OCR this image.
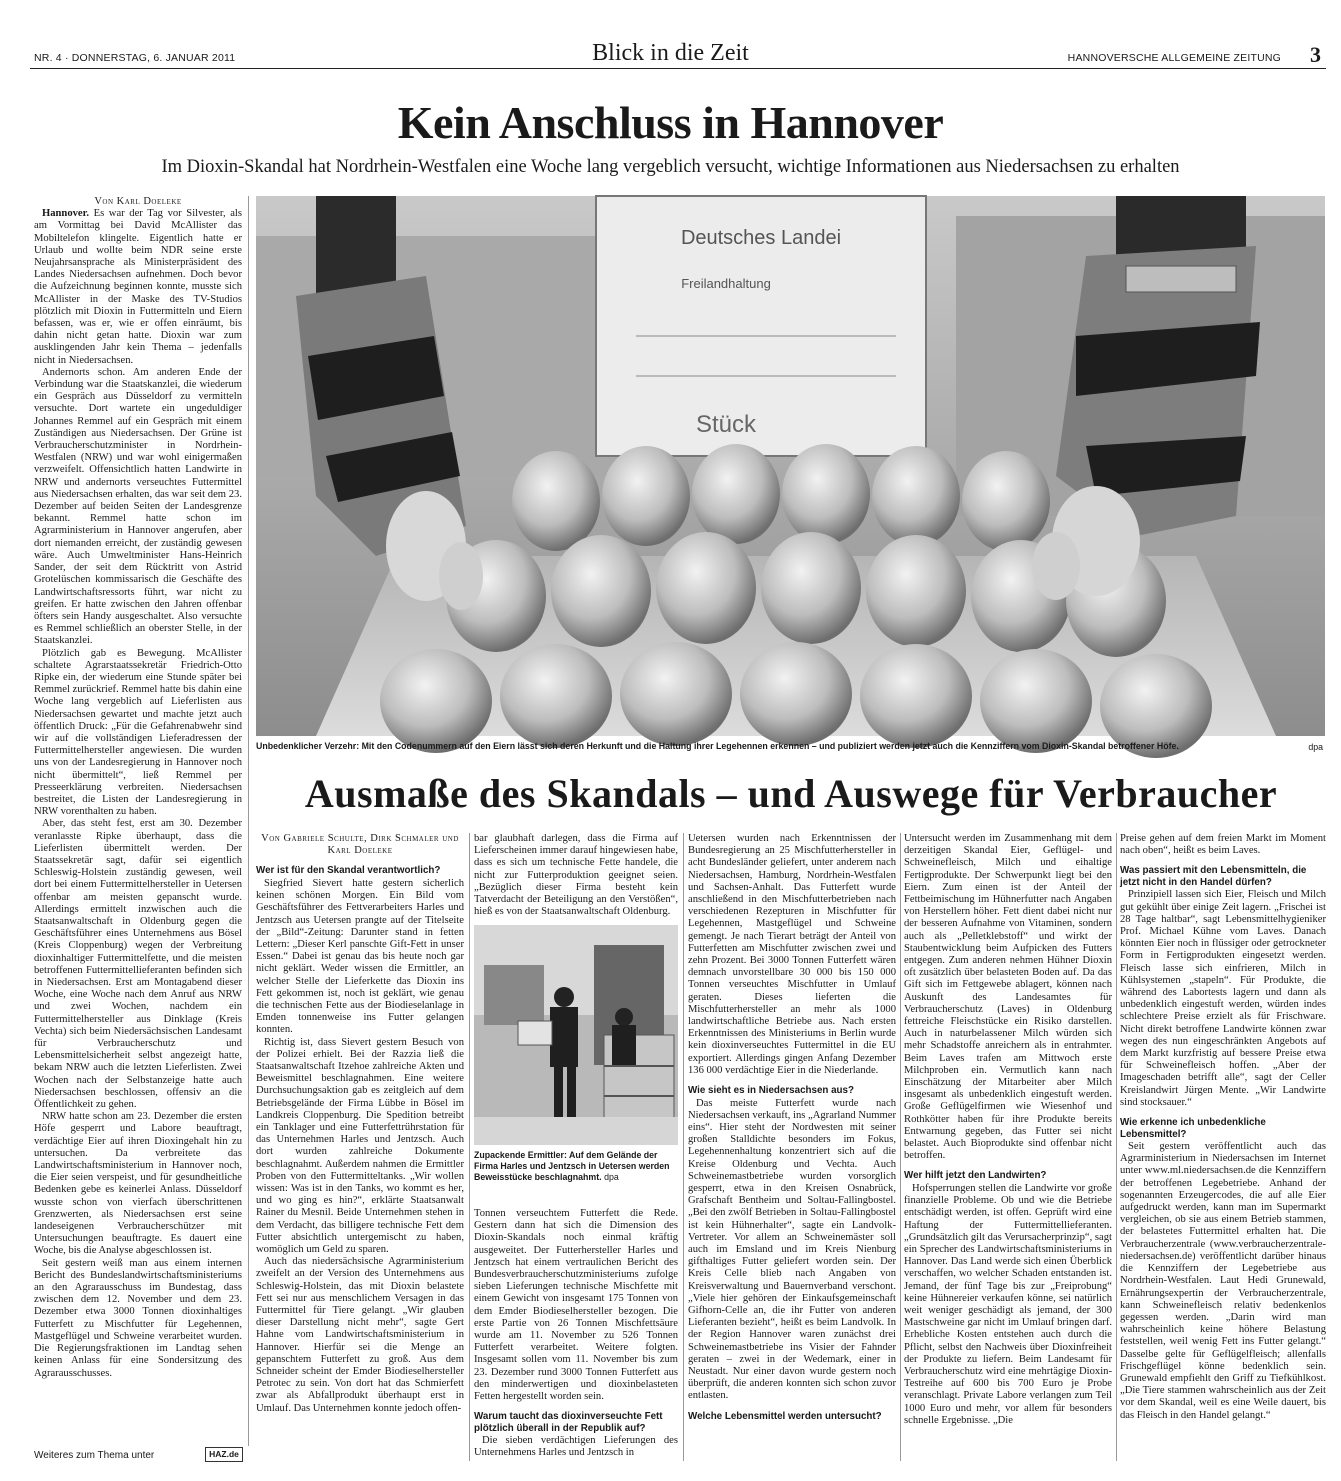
NR. 4 · DONNERSTAG, 6. JANUAR 2011	Blick in die Zeit	HANNOVERSCHE ALLGEMEINE ZEITUNG 3
Kein Anschluss in Hannover
Im Dioxin-Skandal hat Nordrhein-Westfalen eine Woche lang vergeblich versucht, wichtige Informationen aus Niedersachsen zu erhalten

Von Karl Doeleke

Hannover. Es war der Tag vor Silvester, als am Vormittag bei David McAllister das Mobiltelefon klingelte. Eigentlich hatte er Urlaub und wollte beim NDR seine erste Neujahrsansprache als Ministerpräsident des Landes Niedersachsen aufnehmen. Doch bevor die Aufzeichnung beginnen konnte, musste sich McAllister in der Maske des TV-Studios plötzlich mit Dioxin in Futtermitteln und Eiern befassen, was er, wie er offen einräumt, bis dahin nicht getan hatte. Dioxin war zum ausklingenden Jahr kein Thema – jedenfalls nicht in Niedersachsen.

Andernorts schon. Am anderen Ende der Verbindung war die Staatskanzlei, die wiederum ein Gespräch aus Düsseldorf zu vermitteln versuchte. Dort wartete ein ungeduldiger Johannes Remmel auf ein Gespräch mit einem Zuständigen aus Niedersachsen. Der Grüne ist Verbraucherschutzminister in Nordrhein-Westfalen (NRW) und war wohl einigermaßen verzweifelt. Offensichtlich hatten Landwirte in NRW und andernorts verseuchtes Futtermittel aus Niedersachsen erhalten, das war seit dem 23. Dezember auf beiden Seiten der Landesgrenze bekannt. Remmel hatte schon im Agrarministerium in Hannover angerufen, aber dort niemanden erreicht, der zuständig gewesen wäre. Auch Umweltminister Hans-Heinrich Sander, der seit dem Rücktritt von Astrid Grotelüschen kommissarisch die Geschäfte des Landwirtschaftsressorts führt, war nicht zu greifen. Er hatte zwischen den Jahren offenbar öfters sein Handy ausgeschaltet. Also versuchte es Remmel schließlich an oberster Stelle, in der Staatskanzlei.

Plötzlich gab es Bewegung. McAllister schaltete Agrarstaatssekretär Friedrich-Otto Ripke ein, der wiederum eine Stunde später bei Remmel zurückrief. Remmel hatte bis dahin eine Woche lang vergeblich auf Lieferlisten aus Niedersachsen gewartet und machte jetzt auch öffentlich Druck: „Für die Gefahrenabwehr sind wir auf die vollständigen Lieferadressen der Futtermittelhersteller angewiesen. Die wurden uns von der Landesregierung in Hannover noch nicht übermittelt“, ließ Remmel per Presseerklärung verbreiten. Niedersachsen bestreitet, die Listen der Landesregierung in NRW vorenthalten zu haben.

Aber, das steht fest, erst am 30. Dezember veranlasste Ripke überhaupt, dass die Lieferlisten übermittelt werden. Der Staatssekretär sagt, dafür sei eigentlich Schleswig-Holstein zuständig gewesen, weil dort bei einem Futtermittelhersteller in Uetersen offenbar am meisten gepanscht wurde. Allerdings ermittelt inzwischen auch die Staatsanwaltschaft in Oldenburg gegen die Geschäftsführer eines Unternehmens aus Bösel (Kreis Cloppenburg) wegen der Verbreitung dioxinhaltiger Futtermittelfette, und die meisten betroffenen Futtermittellieferanten befinden sich in Niedersachsen. Erst am Montagabend dieser Woche, eine Woche nach dem Anruf aus NRW und zwei Wochen, nachdem ein Futtermittelhersteller aus Dinklage (Kreis Vechta) sich beim Niedersächsischen Landesamt für Verbraucherschutz und Lebensmittelsicherheit selbst angezeigt hatte, bekam NRW auch die letzten Lieferlisten. Zwei Wochen nach der Selbstanzeige hatte auch Niedersachsen beschlossen, offensiv an die Öffentlichkeit zu gehen.

NRW hatte schon am 23. Dezember die ersten Höfe gesperrt und Labore beauftragt, verdächtige Eier auf ihren Dioxingehalt hin zu untersuchen. Da verbreitete das Landwirtschaftsministerium in Hannover noch, die Eier seien verspeist, und für gesundheitliche Bedenken gebe es keinerlei Anlass. Düsseldorf wusste schon von vierfach überschrittenen Grenzwerten, als Niedersachsen erst seine landeseigenen Verbraucherschützer mit Untersuchungen beauftragte. Es dauert eine Woche, bis die Analyse abgeschlossen ist.

Seit gestern weiß man aus einem internen Bericht des Bundeslandwirtschaftsministeriums an den Agrarausschuss im Bundestag, dass zwischen dem 12. November und dem 23. Dezember etwa 3000 Tonnen dioxinhaltiges Futterfett zu Mischfutter für Legehennen, Mastgeflügel und Schweine verarbeitet wurden. Die Regierungsfraktionen im Landtag sehen keinen Anlass für eine Sondersitzung des Agrarausschusses.

Deutsches Landei
Freilandhaltung
Stück
Unbedenklicher Verzehr: Mit den Codenummern auf den Eiern lässt sich deren Herkunft und die Haltung ihrer Legehennen erkennen – und publiziert werden jetzt auch die Kennziffern vom Dioxin-Skandal betroffener Höfe.	dpa
Ausmaße des Skandals – und Auswege für Verbraucher

Von Gabriele Schulte, Dirk Schmaler und Karl Doeleke

Wer ist für den Skandal verantwortlich?

Siegfried Sievert hatte gestern sicherlich keinen schönen Morgen. Ein Bild vom Geschäftsführer des Fettverarbeiters Harles und Jentzsch aus Uetersen prangte auf der Titelseite der „Bild“-Zeitung: Darunter stand in fetten Lettern: „Dieser Kerl panschte Gift-Fett in unser Essen.“ Dabei ist genau das bis heute noch gar nicht geklärt. Weder wissen die Ermittler, an welcher Stelle der Lieferkette das Dioxin ins Fett gekommen ist, noch ist geklärt, wie genau die technischen Fette aus der Biodieselanlage in Emden tonnenweise ins Futter gelangen konnten.

Richtig ist, dass Sievert gestern Besuch von der Polizei erhielt. Bei der Razzia ließ die Staatsanwaltschaft Itzehoe zahlreiche Akten und Beweismittel beschlagnahmen. Eine weitere Durchsuchungsaktion gab es zeitgleich auf dem Betriebsgelände der Firma Lübbe in Bösel im Landkreis Cloppenburg. Die Spedition betreibt ein Tanklager und eine Futterfettrührstation für das Unternehmen Harles und Jentzsch. Auch dort wurden zahlreiche Dokumente beschlagnahmt. Außerdem nahmen die Ermittler Proben von den Futtermitteltanks. „Wir wollen wissen: Was ist in den Tanks, wo kommt es her, und wo ging es hin?“, erklärte Staatsanwalt Rainer du Mesnil. Beide Unternehmen stehen in dem Verdacht, das billigere technische Fett dem Futter absichtlich untergemischt zu haben, womöglich um Geld zu sparen.

Auch das niedersächsische Agrarministerium zweifelt an der Version des Unternehmens aus Schleswig-Holstein, das mit Dioxin belastete Fett sei nur aus menschlichem Versagen in das Futtermittel für Tiere gelangt. „Wir glauben dieser Darstellung nicht mehr“, sagte Gert Hahne vom Landwirtschaftsministerium in Hannover. Hierfür sei die Menge an gepanschtem Futterfett zu groß. Aus dem Schneider scheint der Emder Biodieselhersteller Petrotec zu sein. Von dort hat das Schmierfett zwar als Abfallprodukt überhaupt erst in Umlauf. Das Unternehmen konnte jedoch offen-

bar glaubhaft darlegen, dass die Firma auf Lieferscheinen immer darauf hingewiesen habe, dass es sich um technische Fette handele, die nicht zur Futterproduktion geeignet seien. „Bezüglich dieser Firma besteht kein Tatverdacht der Beteiligung an den Verstößen“, hieß es von der Staatsanwaltschaft Oldenburg.

Zupackende Ermittler: Auf dem Gelände der Firma Harles und Jentzsch in Uetersen werden Beweisstücke beschlagnahmt. dpa

Tonnen verseuchtem Futterfett die Rede. Gestern dann hat sich die Dimension des Dioxin-Skandals noch einmal kräftig ausgeweitet. Der Futterhersteller Harles und Jentzsch hat einem vertraulichen Bericht des Bundesverbraucherschutzministeriums zufolge sieben Lieferungen technische Mischfette mit einem Gewicht von insgesamt 175 Tonnen von dem Emder Biodieselhersteller bezogen. Die erste Partie von 26 Tonnen Mischfettsäure wurde am 11. November zu 526 Tonnen Futterfett verarbeitet. Weitere folgten. Insgesamt sollen vom 11. November bis zum 23. Dezember rund 3000 Tonnen Futterfett aus den minderwertigen und dioxinbelasteten Fetten hergestellt worden sein.

Warum taucht das dioxinverseuchte Fett plötzlich überall in der Republik auf?

Die sieben verdächtigen Lieferungen des Unternehmens Harles und Jentzsch in

Uetersen wurden nach Erkenntnissen der Bundesregierung an 25 Mischfutterhersteller in acht Bundesländer geliefert, unter anderem nach Niedersachsen, Hamburg, Nordrhein-Westfalen und Sachsen-Anhalt. Das Futterfett wurde anschließend in den Mischfutterbetrieben nach verschiedenen Rezepturen in Mischfutter für Legehennen, Mastgeflügel und Schweine gemengt. Je nach Tierart beträgt der Anteil von Futterfetten am Mischfutter zwischen zwei und zehn Prozent. Bei 3000 Tonnen Futterfett wären demnach unvorstellbare 30 000 bis 150 000 Tonnen verseuchtes Mischfutter in Umlauf geraten. Dieses lieferten die Mischfutterhersteller an mehr als 1000 landwirtschaftliche Betriebe aus. Nach ersten Erkenntnissen des Ministeriums in Berlin wurde kein dioxinverseuchtes Futtermittel in die EU exportiert. Allerdings gingen Anfang Dezember 136 000 verdächtige Eier in die Niederlande.

Wie sieht es in Niedersachsen aus?

Das meiste Futterfett wurde nach Niedersachsen verkauft, ins „Agrarland Nummer eins“. Hier steht der Nordwesten mit seiner großen Stalldichte besonders im Fokus, Legehennenhaltung konzentriert sich auf die Kreise Oldenburg und Vechta. Auch Schweinemastbetriebe wurden vorsorglich gesperrt, etwa in den Kreisen Osnabrück, Grafschaft Bentheim und Soltau-Fallingbostel. „Bei den zwölf Betrieben in Soltau-Fallingbostel ist kein Hühnerhalter“, sagte ein Landvolk-Vertreter. Vor allem an Schweinemäster soll auch im Emsland und im Kreis Nienburg gifthaltiges Futter geliefert worden sein. Der Kreis Celle blieb nach Angaben von Kreisverwaltung und Bauernverband verschont. „Viele hier gehören der Einkaufsgemeinschaft Gifhorn-Celle an, die ihr Futter von anderen Lieferanten bezieht“, heißt es beim Landvolk. In der Region Hannover waren zunächst drei Schweinemastbetriebe ins Visier der Fahnder geraten – zwei in der Wedemark, einer in Neustadt. Nur einer davon wurde gestern noch überprüft, die anderen konnten sich schon zuvor entlasten.

Welche Lebensmittel werden untersucht?

Untersucht werden im Zusammenhang mit dem derzeitigen Skandal Eier, Geflügel- und Schweinefleisch, Milch und eihaltige Fertigprodukte. Der Schwerpunkt liegt bei den Eiern. Zum einen ist der Anteil der Fettbeimischung im Hühnerfutter nach Angaben von Herstellern höher. Fett dient dabei nicht nur der besseren Aufnahme von Vitaminen, sondern auch als „Pelletklebstoff“ und wirkt der Staubentwicklung beim Aufpicken des Futters entgegen. Zum anderen nehmen Hühner Dioxin oft zusätzlich über belasteten Boden auf. Da das Gift sich im Fettgewebe ablagert, können nach Auskunft des Landesamtes für Verbraucherschutz (Laves) in Oldenburg fettreiche Fleischstücke ein Risiko darstellen. Auch in naturbelassener Milch würden sich mehr Schadstoffe anreichern als in entrahmter. Beim Laves trafen am Mittwoch erste Milchproben ein. Vermutlich kann nach Einschätzung der Mitarbeiter aber Milch insgesamt als unbedenklich eingestuft werden. Große Geflügelfirmen wie Wiesenhof und Rothkötter haben für ihre Produkte bereits Entwarnung gegeben, das Futter sei nicht belastet. Auch Bioprodukte sind offenbar nicht betroffen.

Wer hilft jetzt den Landwirten?

Hofsperrungen stellen die Landwirte vor große finanzielle Probleme. Ob und wie die Betriebe entschädigt werden, ist offen. Geprüft wird eine Haftung der Futtermittellieferanten. „Grundsätzlich gilt das Verursacherprinzip“, sagt ein Sprecher des Landwirtschaftsministeriums in Hannover. Das Land werde sich einen Überblick verschaffen, wo welcher Schaden entstanden ist. Jemand, der fünf Tage bis zur „Freiprobung“ keine Hühnereier verkaufen könne, sei natürlich weit weniger geschädigt als jemand, der 300 Mastschweine gar nicht im Umlauf bringen darf. Erhebliche Kosten entstehen auch durch die Pflicht, selbst den Nachweis über Dioxinfreiheit der Produkte zu liefern. Beim Landesamt für Verbraucherschutz wird eine mehrtägige Dioxin-Testreihe auf 600 bis 700 Euro je Probe veranschlagt. Private Labore verlangen zum Teil 1000 Euro und mehr, vor allem für besonders schnelle Ergebnisse. „Die

Preise gehen auf dem freien Markt im Moment nach oben“, heißt es beim Laves.

Was passiert mit den Lebensmitteln, die jetzt nicht in den Handel dürfen?

Prinzipiell lassen sich Eier, Fleisch und Milch gut gekühlt über einige Zeit lagern. „Frischei ist 28 Tage haltbar“, sagt Lebensmittelhygieniker Prof. Michael Kühne vom Laves. Danach könnten Eier noch in flüssiger oder getrockneter Form in Fertigprodukten eingesetzt werden. Fleisch lasse sich einfrieren, Milch in Kühlsystemen „stapeln“. Für Produkte, die während des Labortests lagern und dann als unbedenklich eingestuft werden, würden indes schlechtere Preise erzielt als für Frischware. Nicht direkt betroffene Landwirte können zwar wegen des nun eingeschränkten Angebots auf dem Markt kurzfristig auf bessere Preise etwa für Schweinefleisch hoffen. „Aber der Imageschaden betrifft alle“, sagt der Celler Kreislandwirt Jürgen Mente. „Wir Landwirte sind stocksauer.“

Wie erkenne ich unbedenkliche Lebensmittel?

Seit gestern veröffentlicht auch das Agrarministerium in Niedersachsen im Internet unter www.ml.niedersachsen.de die Kennziffern der betroffenen Legebetriebe. Anhand der sogenannten Erzeugercodes, die auf alle Eier aufgedruckt werden, kann man im Supermarkt vergleichen, ob sie aus einem Betrieb stammen, der belastetes Futtermittel erhalten hat. Die Verbraucherzentrale (www.verbraucherzentrale-niedersachsen.de) veröffentlicht darüber hinaus die Kennziffern der Legebetriebe aus Nordrhein-Westfalen. Laut Hedi Grunewald, Ernährungsexpertin der Verbraucherzentrale, kann Schweinefleisch relativ bedenkenlos gegessen werden. „Darin wird man wahrscheinlich keine höhere Belastung feststellen, weil wenig Fett ins Futter gelangt.“ Dasselbe gelte für Geflügelfleisch; allenfalls Frischgeflügel könne bedenklich sein. Grunewald empfiehlt den Griff zu Tiefkühlkost. „Die Tiere stammen wahrscheinlich aus der Zeit vor dem Skandal, weil es eine Weile dauert, bis das Fleisch in den Handel gelangt.“

Weiteres zum Thema unter	HAZ.de
